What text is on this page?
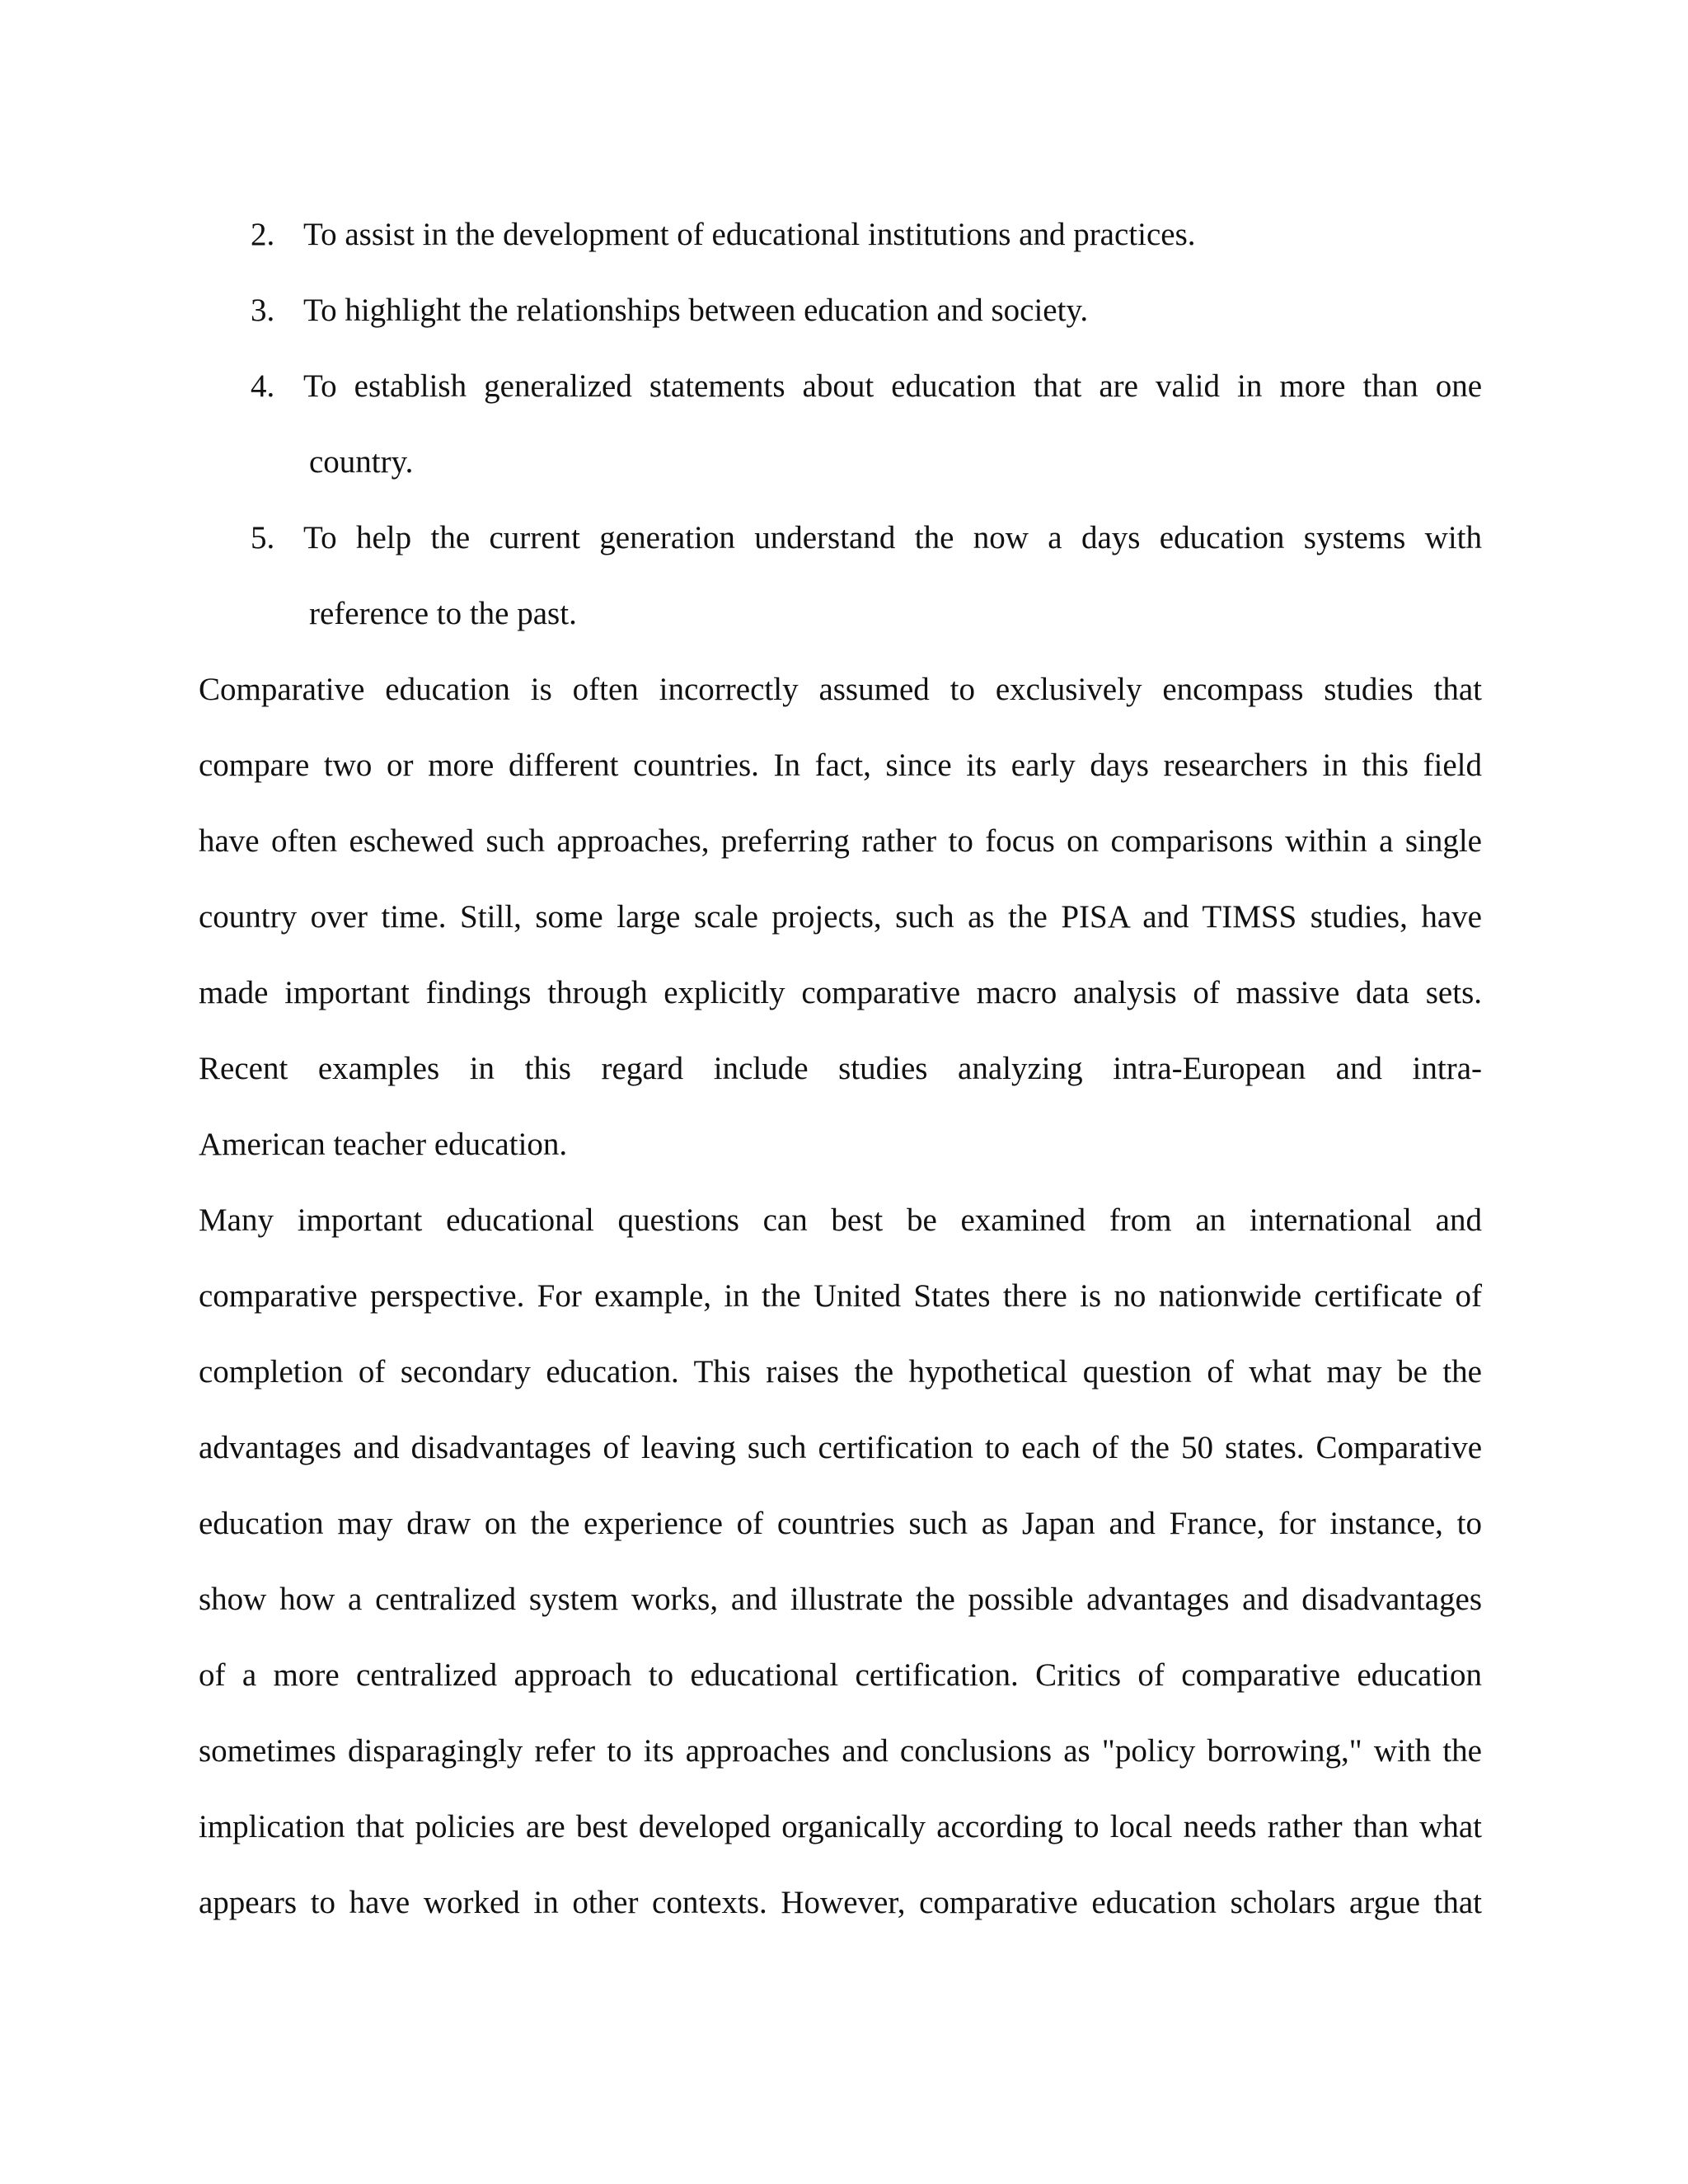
2. To assist in the development of educational institutions and practices.
3. To highlight the relationships between education and society.
4. To establish generalized statements about education that are valid in more than one
country.
5. To help the current generation understand the now a days education systems with
reference to the past.
Comparative education is often incorrectly assumed to exclusively encompass studies that
compare two or more different countries. In fact, since its early days researchers in this field
have often eschewed such approaches, preferring rather to focus on comparisons within a single
country over time. Still, some large scale projects, such as the PISA and TIMSS studies, have
made important findings through explicitly comparative macro analysis of massive data sets.
Recent examples in this regard include studies analyzing intra-European and intra-
American teacher education.
Many important educational questions can best be examined from an international and
comparative perspective. For example, in the United States there is no nationwide certificate of
completion of secondary education. This raises the hypothetical question of what may be the
advantages and disadvantages of leaving such certification to each of the 50 states. Comparative
education may draw on the experience of countries such as Japan and France, for instance, to
show how a centralized system works, and illustrate the possible advantages and disadvantages
of a more centralized approach to educational certification. Critics of comparative education
sometimes disparagingly refer to its approaches and conclusions as "policy borrowing," with the
implication that policies are best developed organically according to local needs rather than what
appears to have worked in other contexts. However, comparative education scholars argue that
